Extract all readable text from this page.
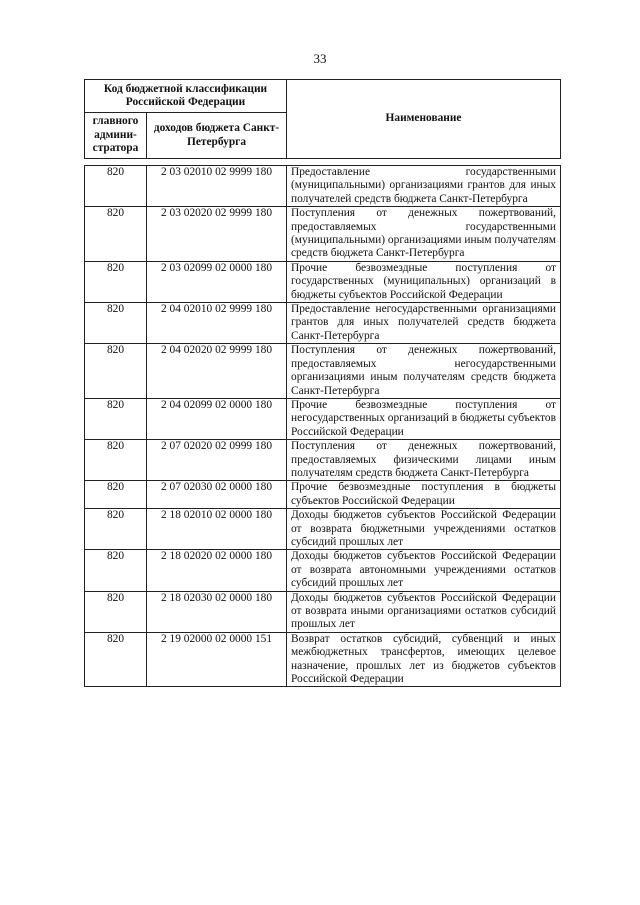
33
Код бюджетной классификации Российской Федерации		Наименование
главного админи-стратора	доходов бюджета Санкт-Петербурга	
820	2 03 02010 02 9999 180	Предоставление государственными (муниципальными) организациями грантов для иных получателей средств бюджета Санкт-Петербурга
820	2 03 02020 02 9999 180	Поступления от денежных пожертвований, предоставляемых государственными (муниципальными) организациями иным получателям средств бюджета Санкт-Петербурга
820	2 03 02099 02 0000 180	Прочие безвозмездные поступления от государственных (муниципальных) организаций в бюджеты субъектов Российской Федерации
820	2 04 02010 02 9999 180	Предоставление негосударственными организациями грантов для иных получателей средств бюджета Санкт-Петербурга
820	2 04 02020 02 9999 180	Поступления от денежных пожертвований, предоставляемых негосударственными организациями иным получателям средств бюджета Санкт-Петербурга
820	2 04 02099 02 0000 180	Прочие безвозмездные поступления от негосударственных организаций в бюджеты субъектов Российской Федерации
820	2 07 02020 02 0999 180	Поступления от денежных пожертвований, предоставляемых физическими лицами иным получателям средств бюджета Санкт-Петербурга
820	2 07 02030 02 0000 180	Прочие безвозмездные поступления в бюджеты субъектов Российской Федерации
820	2 18 02010 02 0000 180	Доходы бюджетов субъектов Российской Федерации от возврата бюджетными учреждениями остатков субсидий прошлых лет
820	2 18 02020 02 0000 180	Доходы бюджетов субъектов Российской Федерации от возврата автономными учреждениями остатков субсидий прошлых лет
820	2 18 02030 02 0000 180	Доходы бюджетов субъектов Российской Федерации от возврата иными организациями остатков субсидий прошлых лет
820	2 19 02000 02 0000 151	Возврат остатков субсидий, субвенций и иных межбюджетных трансфертов, имеющих целевое назначение, прошлых лет из бюджетов субъектов Российской Федерации
